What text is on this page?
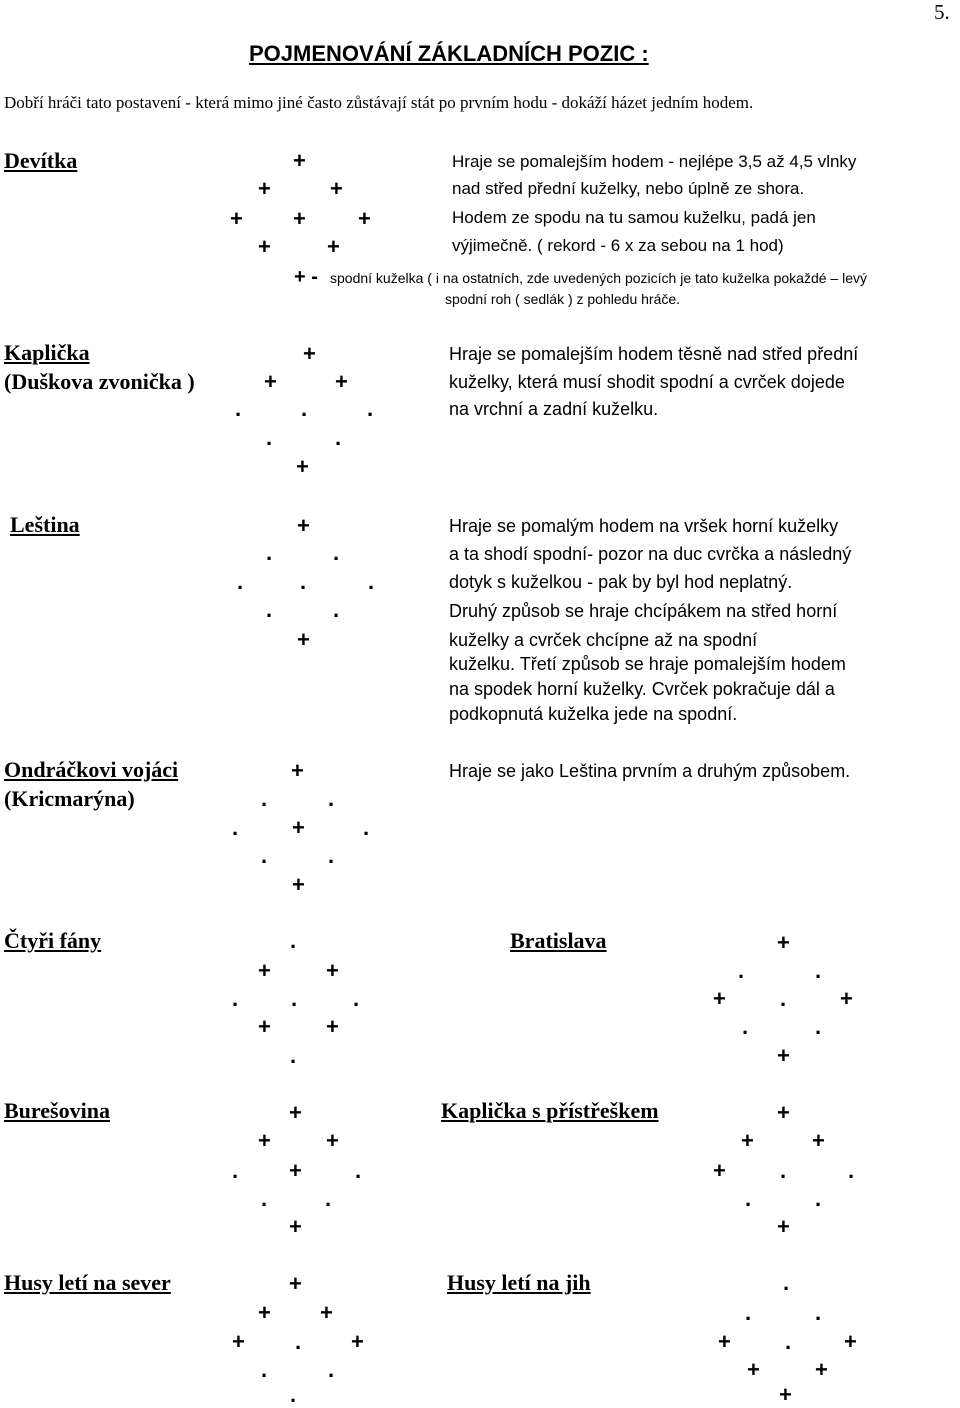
5.
POJMENOVÁNÍ ZÁKLADNÍCH POZIC :
Dobří hráči tato postavení - která mimo jiné často zůstávají stát po prvním hodu - dokáží házet jedním hodem.
Devítka	+
+	+
+ + +
+	+
Hraje se pomalejším hodem - nejlépe 3,5 až 4,5 vlnky
nad střed přední kuželky, nebo úplně ze shora.
Hodem ze spodu na tu samou kuželku, padá jen
výjimečně. ( rekord - 6 x za sebou na 1 hod)
+ - spodní kuželka ( i na ostatních, zde uvedených pozicích je tato kuželka pokaždé – levý
spodní roh ( sedlák ) z pohledu hráče.
Kaplička
(Duškova zvonička )
+
+	+
.	.	.
.	.
+
Hraje se pomalejším hodem těsně nad střed přední
kuželky, která musí shodit spodní a cvrček dojede
na vrchní a zadní kuželku.
Leština	+
.	.
.	.	.
.	.
+
Hraje se pomalým hodem na vršek horní kuželky
a ta shodí spodní- pozor na duc cvrčka a následný
dotyk s kuželkou - pak by byl hod neplatný.
Druhý způsob se hraje chcípákem na střed horní
kuželky a cvrček chcípne až na spodní
kuželku. Třetí způsob se hraje pomalejším hodem
na spodek horní kuželky. Cvrček pokračuje dál a
podkopnutá kuželka jede na spodní.
Ondráčkovi vojáci
(Kricmarýna)
+
.	.
. +	.
.	.
+
Hraje se jako Leština prvním a druhým způsobem.
Čtyři fány	.
+	+
. .	.
+	+
.
Bratislava	+
.	.
+ . +
.	.
+
Burešovina	+
+	+
. + .
.	.
+
Kaplička s přístřeškem	+
+	+
+ .	.
.	.
+
Husy letí na sever	+
+ +
+ . +
.	.
.
Husy letí na jih	.
.	.
+ . +
+	+
+
